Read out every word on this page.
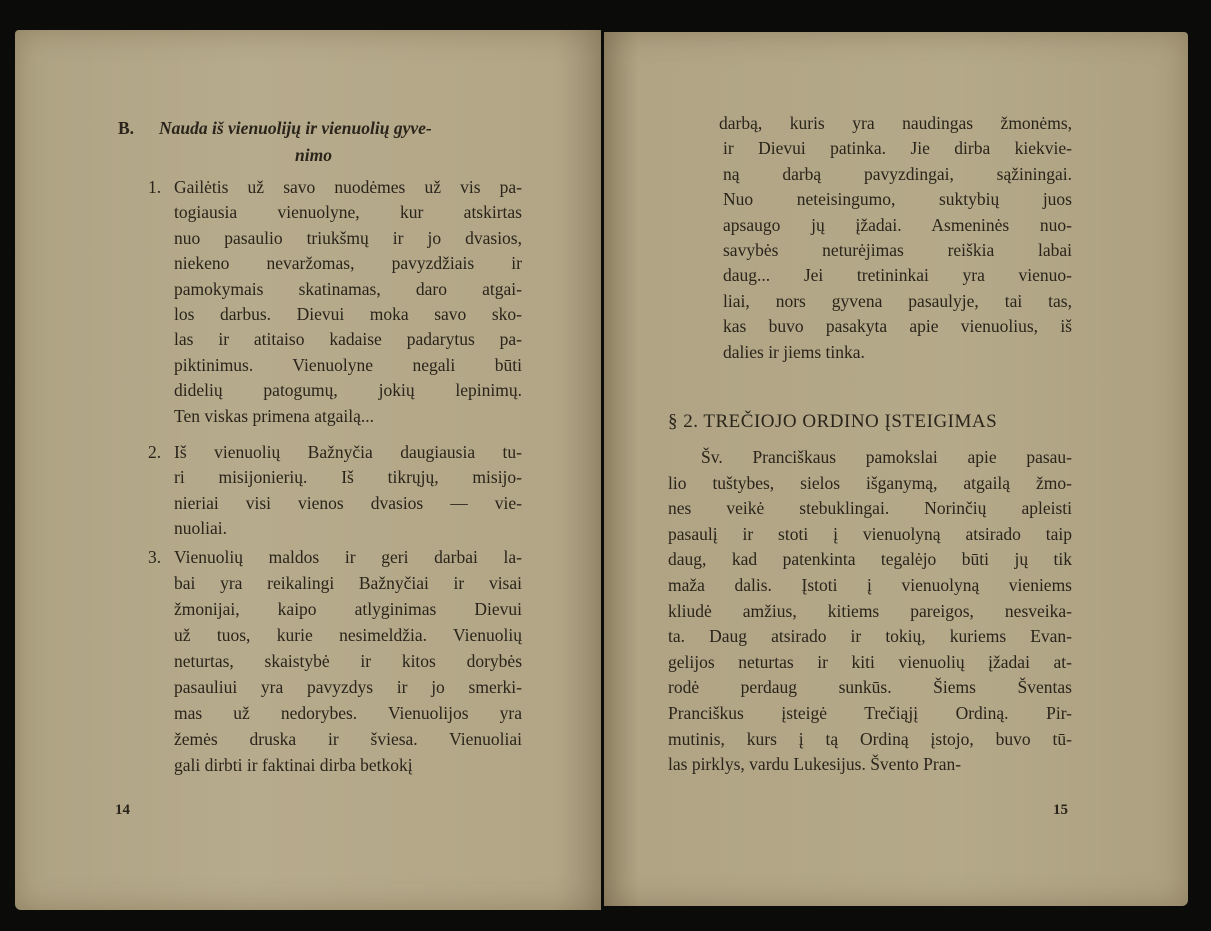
B. Nauda iš vienuolijų ir vienuolių gyve-
nimo
14
1. Gailėtis už savo nuodėmes už vis pa-
togiausia vienuolyne, kur atskirtas
nuo pasaulio triukšmų ir jo dvasios,
niekeno nevaržomas, pavyzdžiais ir
pamokymais skatinamas, daro atgai-
los darbus. Dievui moka savo sko-
las ir atitaiso kadaise padarytus pa-
piktinimus. Vienuolyne negali būti
didelių patogumų, jokių lepinimų.
Ten viskas primena atgailą...
2. Iš vienuolių Bažnyčia daugiausia tu-
ri misijonierių. Iš tikrųjų, misijo-
nieriai visi vienos dvasios — vie-
nuoliai.
3. Vienuolių maldos ir geri darbai la-
bai yra reikalingi Bažnyčiai ir visai
žmonijai, kaipo atlyginimas Dievui
už tuos, kurie nesimeldžia. Vienuolių
neturtas, skaistybė ir kitos dorybės
pasauliui yra pavyzdys ir jo smerki-
mas už nedorybes. Vienuolijos yra
žemės druska ir šviesa. Vienuoliai
gali dirbti ir faktinai dirba betkokį
§ 2. TREČIOJO ORDINO ĮSTEIGIMAS
15
darbą, kuris yra naudingas žmonėms,
ir Dievui patinka. Jie dirba kiekvie-
ną darbą pavyzdingai, sąžiningai.
Nuo neteisingumo, suktybių juos
apsaugo jų įžadai. Asmeninės nuo-
savybės neturėjimas reiškia labai
daug... Jei tretininkai yra vienuo-
liai, nors gyvena pasaulyje, tai tas,
kas buvo pasakyta apie vienuolius, iš
dalies ir jiems tinka.
Šv. Pranciškaus pamokslai apie pasau-
lio tuštybes, sielos išganymą, atgailą žmo-
nes veikė stebuklingai. Norinčių apleisti
pasaulį ir stoti į vienuolyną atsirado taip
daug, kad patenkinta tegalėjo būti jų tik
maža dalis. Įstoti į vienuolyną vieniems
kliudė amžius, kitiems pareigos, nesveika-
ta. Daug atsirado ir tokių, kuriems Evan-
gelijos neturtas ir kiti vienuolių įžadai at-
rodė perdaug sunkūs. Šiems Šventas
Pranciškus įsteigė Trečiąjį Ordiną. Pir-
mutinis, kurs į tą Ordiną įstojo, buvo tū-
las pirklys, vardu Lukesijus. Švento Pran-
